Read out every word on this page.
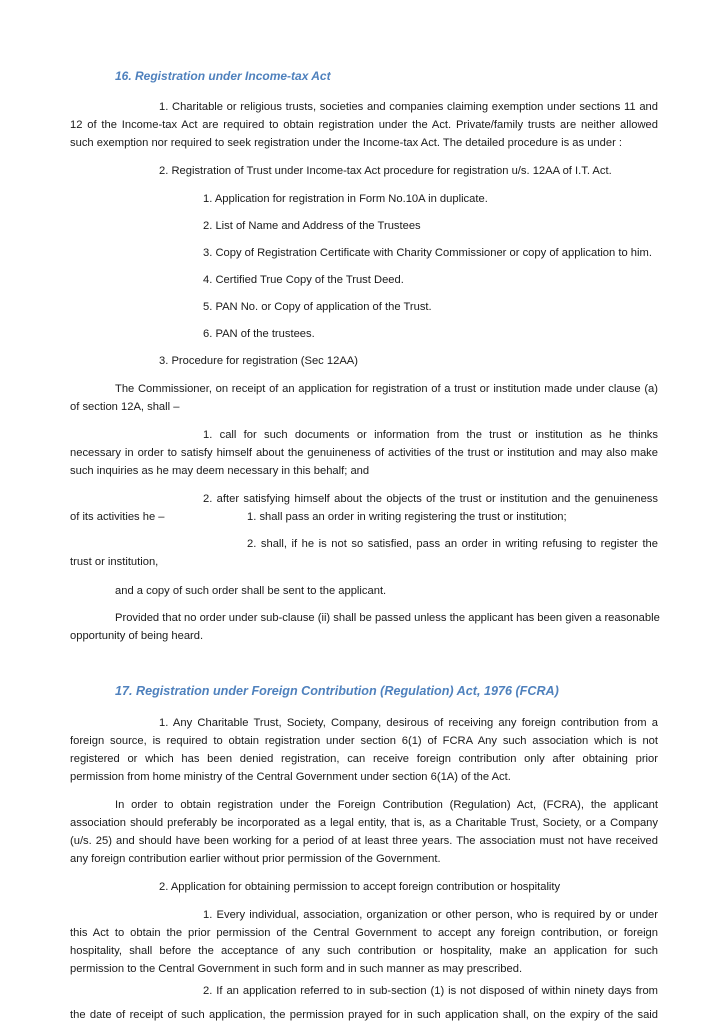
16. Registration under Income-tax Act
1. Charitable or religious trusts, societies and companies claiming exemption under sections 11 and
12 of the Income-tax Act are required to obtain registration under the Act. Private/family trusts are neither allowed
such exemption nor required to seek registration under the Income-tax Act. The detailed procedure is as under :
2. Registration of Trust under Income-tax Act procedure for registration u/s. 12AA of I.T. Act.
1. Application for registration in Form No.10A in duplicate.
2. List of Name and Address of the Trustees
3. Copy of Registration Certificate with Charity Commissioner or copy of application to him.
4. Certified True Copy of the Trust Deed.
5. PAN No. or Copy of application of the Trust.
6. PAN of the trustees.
3. Procedure for registration (Sec 12AA)
The Commissioner, on receipt of an application for registration of a trust or institution made under clause (a)
of section 12A, shall –
1. call for such documents or information from the trust or institution as he thinks
necessary in order to satisfy himself about the genuineness of activities of the trust or institution and may also make
such inquiries as he may deem necessary in this behalf; and
2. after satisfying himself about the objects of the trust or institution and the genuineness
of its activities he –	1. shall pass an order in writing registering the trust or institution;
2. shall, if he is not so satisfied, pass an order in writing refusing to register the
trust or institution,
and a copy of such order shall be sent to the applicant.
Provided that no order under sub-clause (ii) shall be passed unless the applicant has been given a reasonable
opportunity of being heard.
17. Registration under Foreign Contribution (Regulation) Act, 1976 (FCRA)
1. Any Charitable Trust, Society, Company, desirous of receiving any foreign contribution from a
foreign source, is required to obtain registration under section 6(1) of FCRA Any such association which is not
registered or which has been denied registration, can receive foreign contribution only after obtaining prior
permission from home ministry of the Central Government under section 6(1A) of the Act.
In order to obtain registration under the Foreign Contribution (Regulation) Act, (FCRA), the applicant
association should preferably be incorporated as a legal entity, that is, as a Charitable Trust, Society, or a Company
(u/s. 25) and should have been working for a period of at least three years. The association must not have received
any foreign contribution earlier without prior permission of the Government.
2. Application for obtaining permission to accept foreign contribution or hospitality
1. Every individual, association, organization or other person, who is required by or under
this Act to obtain the prior permission of the Central Government to accept any foreign contribution, or foreign
hospitality, shall before the acceptance of any such contribution or hospitality, make an application for such
permission to the Central Government in such form and in such manner as may prescribed.
2. If an application referred to in sub-section (1) is not disposed of within ninety days from
the date of receipt of such application, the permission prayed for in such application shall, on the expiry of the said
